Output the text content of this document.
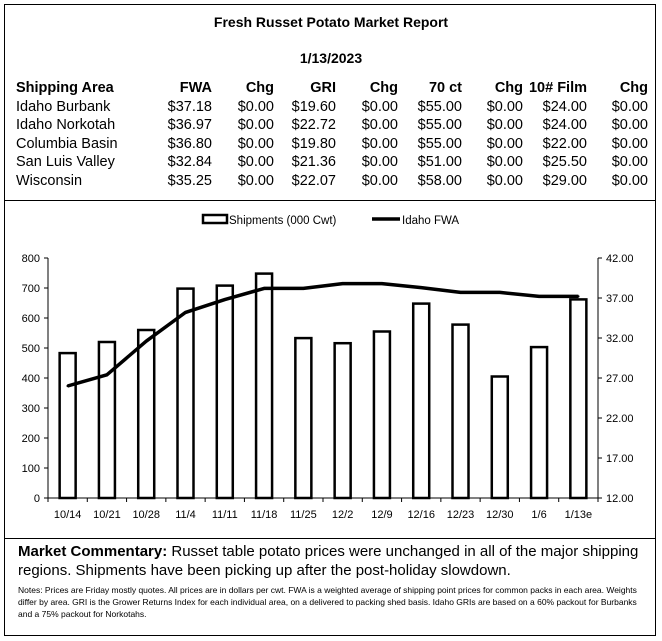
Fresh Russet Potato Market Report
1/13/2023
Shipping Area	FWA	Chg	GRI	Chg	70 ct	Chg	10# Film	Chg
Idaho Burbank	$37.18	$0.00	$19.60	$0.00	$55.00	$0.00	$24.00	$0.00
Idaho Norkotah	$36.97	$0.00	$22.72	$0.00	$55.00	$0.00	$24.00	$0.00
Columbia Basin	$36.80	$0.00	$19.80	$0.00	$55.00	$0.00	$22.00	$0.00
San Luis Valley	$32.84	$0.00	$21.36	$0.00	$51.00	$0.00	$25.50	$0.00
Wisconsin	$35.25	$0.00	$22.07	$0.00	$58.00	$0.00	$29.00	$0.00
0
100
200
300
400
500
600
700
800
12.00
17.00
22.00
27.00
32.00
37.00
42.00
10/14 10/21 10/28 11/4 11/11 11/18 11/25 12/2 12/9 12/16 12/23 12/30 1/6 1/13e
Shipments (000 Cwt)	Idaho FWA
Market Commentary: Russet table potato prices were unchanged in all of the major shipping regions. Shipments have been picking up after the post-holiday slowdown.
Notes: Prices are Friday mostly quotes. All prices are in dollars per cwt. FWA is a weighted average of shipping point prices for common packs in each area. Weights differ by area. GRI is the Grower Returns Index for each individual area, on a delivered to packing shed basis. Idaho GRIs are based on a 60% packout for Burbanks and a 75% packout for Norkotahs.
